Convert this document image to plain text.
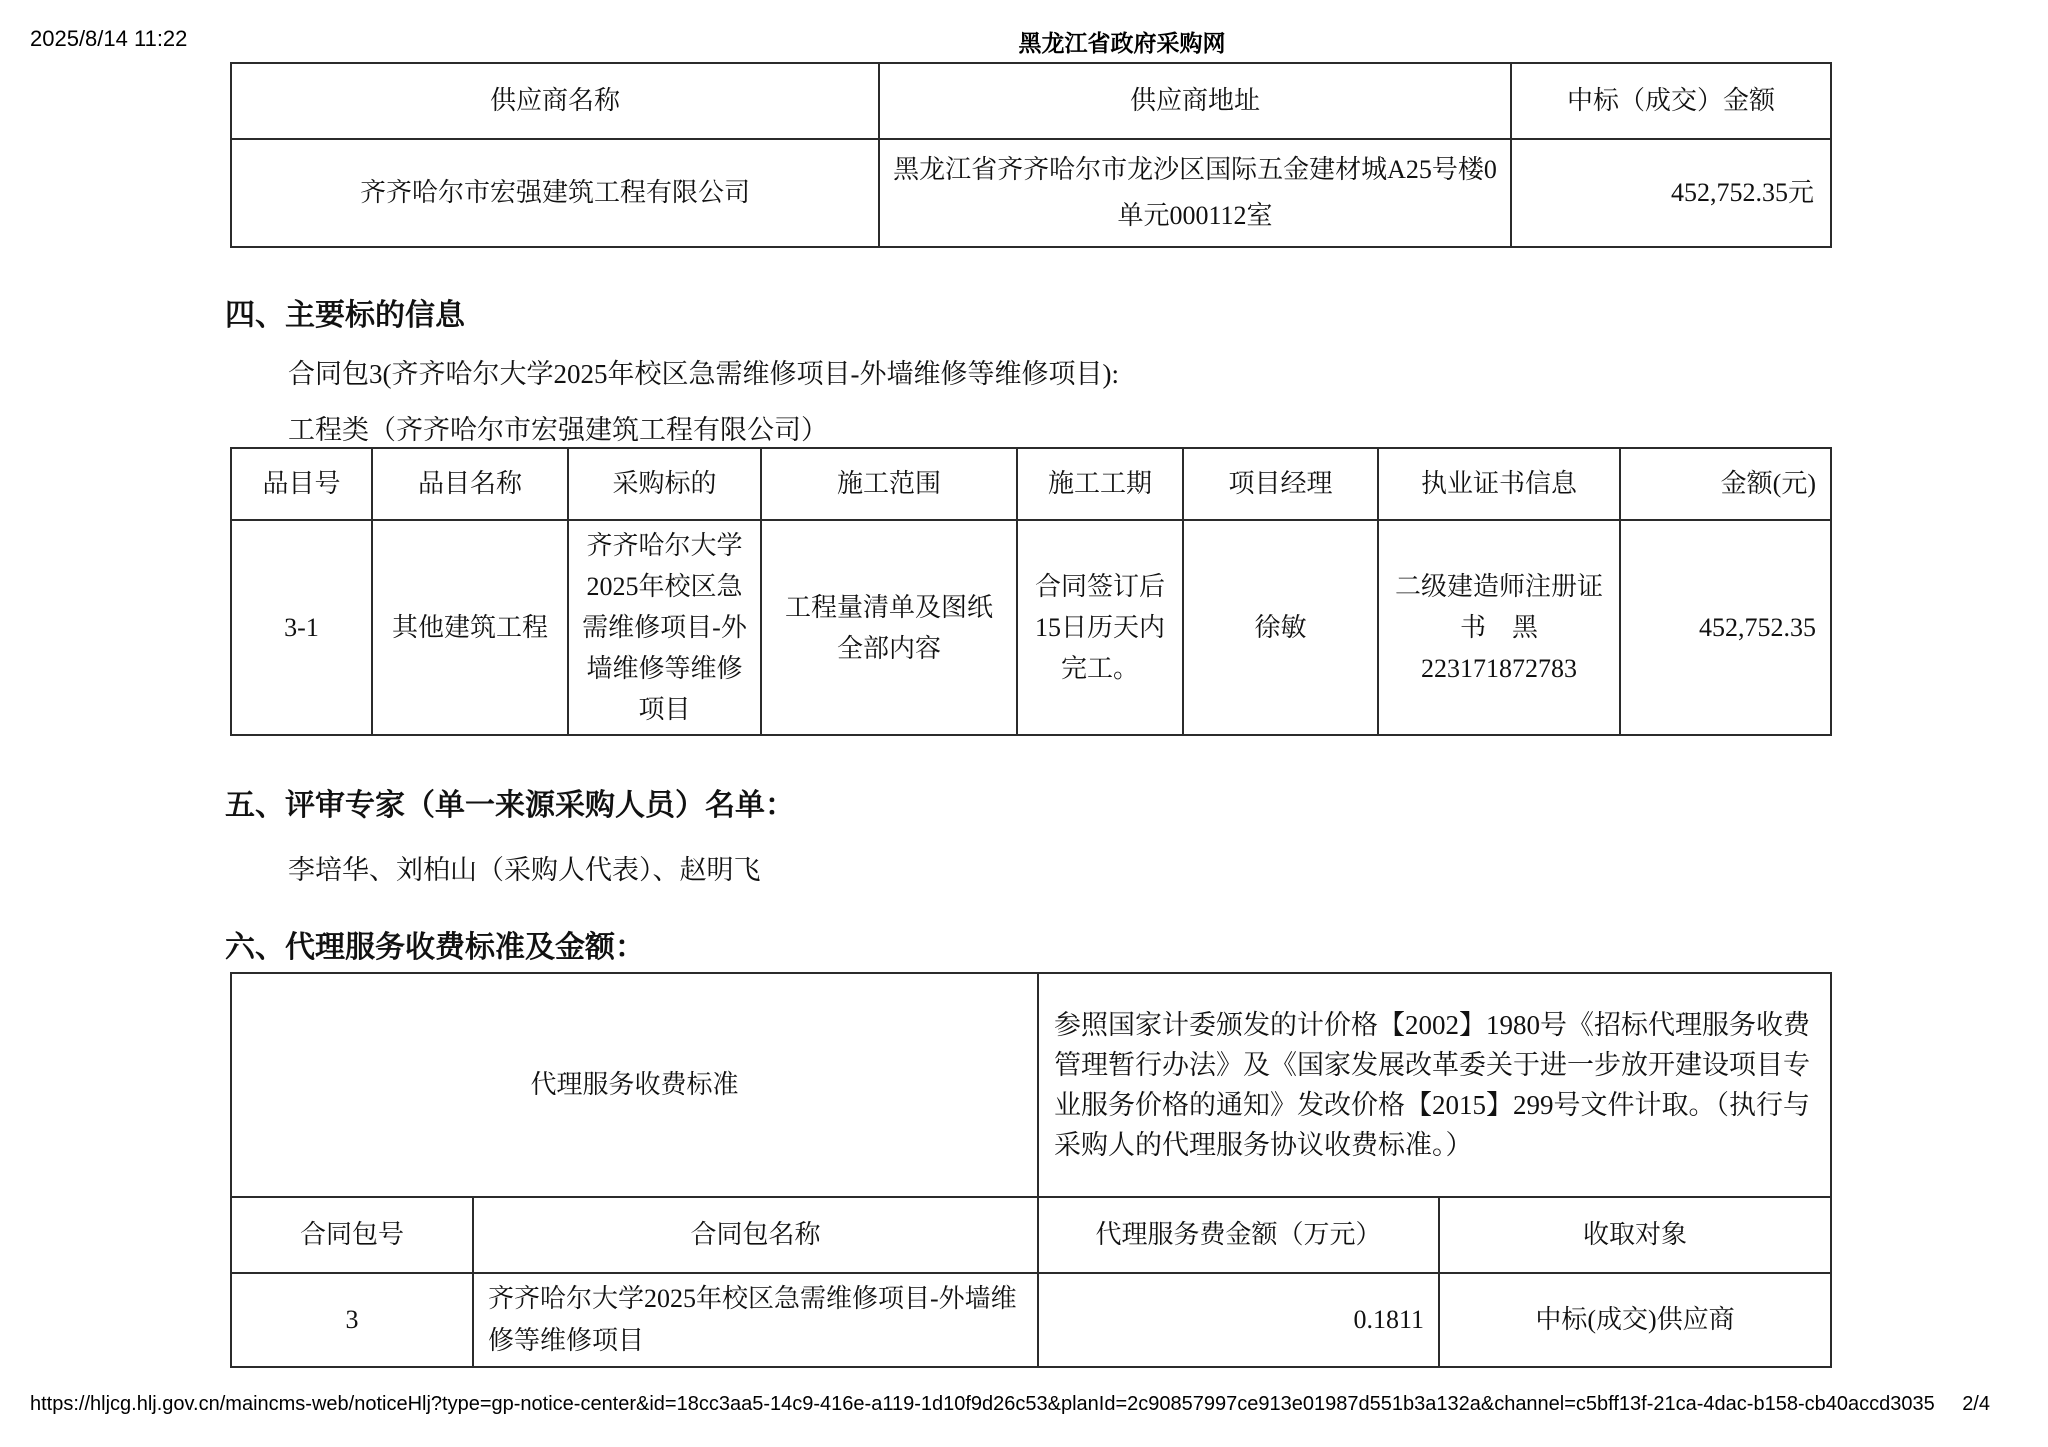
2025/8/14 11:22	黑龙江省政府采购网
供应商名称	供应商地址	中标（成交）金额
齐齐哈尔市宏强建筑工程有限公司	黑龙江省齐齐哈尔市龙沙区国际五金建材城A25号楼0单元000112室	452,752.35元
四、主要标的信息
合同包3(齐齐哈尔大学2025年校区急需维修项目-外墙维修等维修项目):
工程类（齐齐哈尔市宏强建筑工程有限公司）
品目号	品目名称	采购标的	施工范围	施工工期	项目经理	执业证书信息	金额(元)
3-1	其他建筑工程	齐齐哈尔大学2025年校区急需维修项目-外墙维修等维修项目	工程量清单及图纸全部内容	合同签订后15日历天内完工。	徐敏	二级建造师注册证书　黑223171872783	452,752.35
五、评审专家（单一来源采购人员）名单：
李培华、刘柏山（采购人代表）、赵明飞
六、代理服务收费标准及金额：
代理服务收费标准		参照国家计委颁发的计价格【2002】1980号《招标代理服务收费管理暂行办法》及《国家发展改革委关于进一步放开建设项目专业服务价格的通知》发改价格【2015】299号文件计取。（执行与采购人的代理服务协议收费标准。）	
合同包号	合同包名称	代理服务费金额（万元）	收取对象
3	齐齐哈尔大学2025年校区急需维修项目-外墙维修等维修项目	0.1811	中标(成交)供应商
https://hljcg.hlj.gov.cn/maincms-web/noticeHlj?type=gp-notice-center&id=18cc3aa5-14c9-416e-a119-1d10f9d26c53&planId=2c90857997ce913e01987d551b3a132a&channel=c5bff13f-21ca-4dac-b158-cb40accd3035	2/4
